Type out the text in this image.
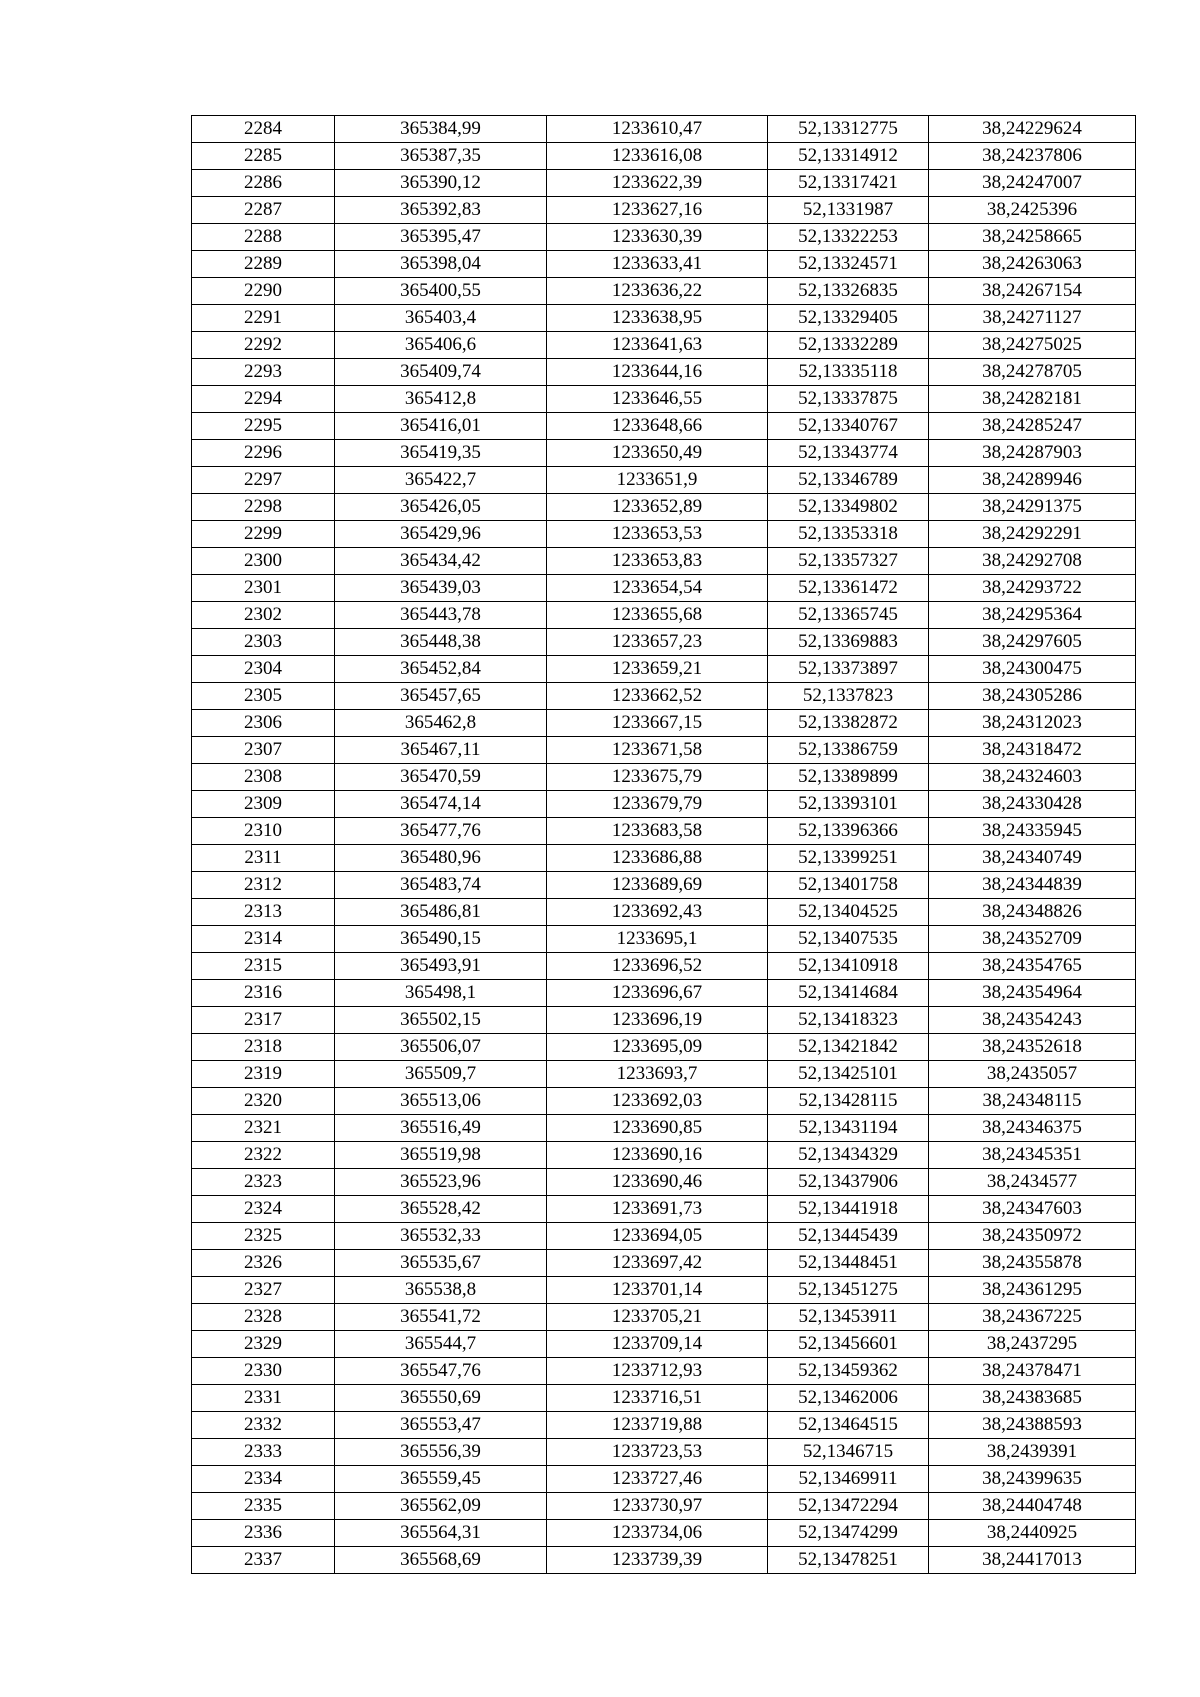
2284	365384,99	1233610,47	52,13312775	38,24229624
2285	365387,35	1233616,08	52,13314912	38,24237806
2286	365390,12	1233622,39	52,13317421	38,24247007
2287	365392,83	1233627,16	52,1331987	38,2425396
2288	365395,47	1233630,39	52,13322253	38,24258665
2289	365398,04	1233633,41	52,13324571	38,24263063
2290	365400,55	1233636,22	52,13326835	38,24267154
2291	365403,4	1233638,95	52,13329405	38,24271127
2292	365406,6	1233641,63	52,13332289	38,24275025
2293	365409,74	1233644,16	52,13335118	38,24278705
2294	365412,8	1233646,55	52,13337875	38,24282181
2295	365416,01	1233648,66	52,13340767	38,24285247
2296	365419,35	1233650,49	52,13343774	38,24287903
2297	365422,7	1233651,9	52,13346789	38,24289946
2298	365426,05	1233652,89	52,13349802	38,24291375
2299	365429,96	1233653,53	52,13353318	38,24292291
2300	365434,42	1233653,83	52,13357327	38,24292708
2301	365439,03	1233654,54	52,13361472	38,24293722
2302	365443,78	1233655,68	52,13365745	38,24295364
2303	365448,38	1233657,23	52,13369883	38,24297605
2304	365452,84	1233659,21	52,13373897	38,24300475
2305	365457,65	1233662,52	52,1337823	38,24305286
2306	365462,8	1233667,15	52,13382872	38,24312023
2307	365467,11	1233671,58	52,13386759	38,24318472
2308	365470,59	1233675,79	52,13389899	38,24324603
2309	365474,14	1233679,79	52,13393101	38,24330428
2310	365477,76	1233683,58	52,13396366	38,24335945
2311	365480,96	1233686,88	52,13399251	38,24340749
2312	365483,74	1233689,69	52,13401758	38,24344839
2313	365486,81	1233692,43	52,13404525	38,24348826
2314	365490,15	1233695,1	52,13407535	38,24352709
2315	365493,91	1233696,52	52,13410918	38,24354765
2316	365498,1	1233696,67	52,13414684	38,24354964
2317	365502,15	1233696,19	52,13418323	38,24354243
2318	365506,07	1233695,09	52,13421842	38,24352618
2319	365509,7	1233693,7	52,13425101	38,2435057
2320	365513,06	1233692,03	52,13428115	38,24348115
2321	365516,49	1233690,85	52,13431194	38,24346375
2322	365519,98	1233690,16	52,13434329	38,24345351
2323	365523,96	1233690,46	52,13437906	38,2434577
2324	365528,42	1233691,73	52,13441918	38,24347603
2325	365532,33	1233694,05	52,13445439	38,24350972
2326	365535,67	1233697,42	52,13448451	38,24355878
2327	365538,8	1233701,14	52,13451275	38,24361295
2328	365541,72	1233705,21	52,13453911	38,24367225
2329	365544,7	1233709,14	52,13456601	38,2437295
2330	365547,76	1233712,93	52,13459362	38,24378471
2331	365550,69	1233716,51	52,13462006	38,24383685
2332	365553,47	1233719,88	52,13464515	38,24388593
2333	365556,39	1233723,53	52,1346715	38,2439391
2334	365559,45	1233727,46	52,13469911	38,24399635
2335	365562,09	1233730,97	52,13472294	38,24404748
2336	365564,31	1233734,06	52,13474299	38,2440925
2337	365568,69	1233739,39	52,13478251	38,24417013
